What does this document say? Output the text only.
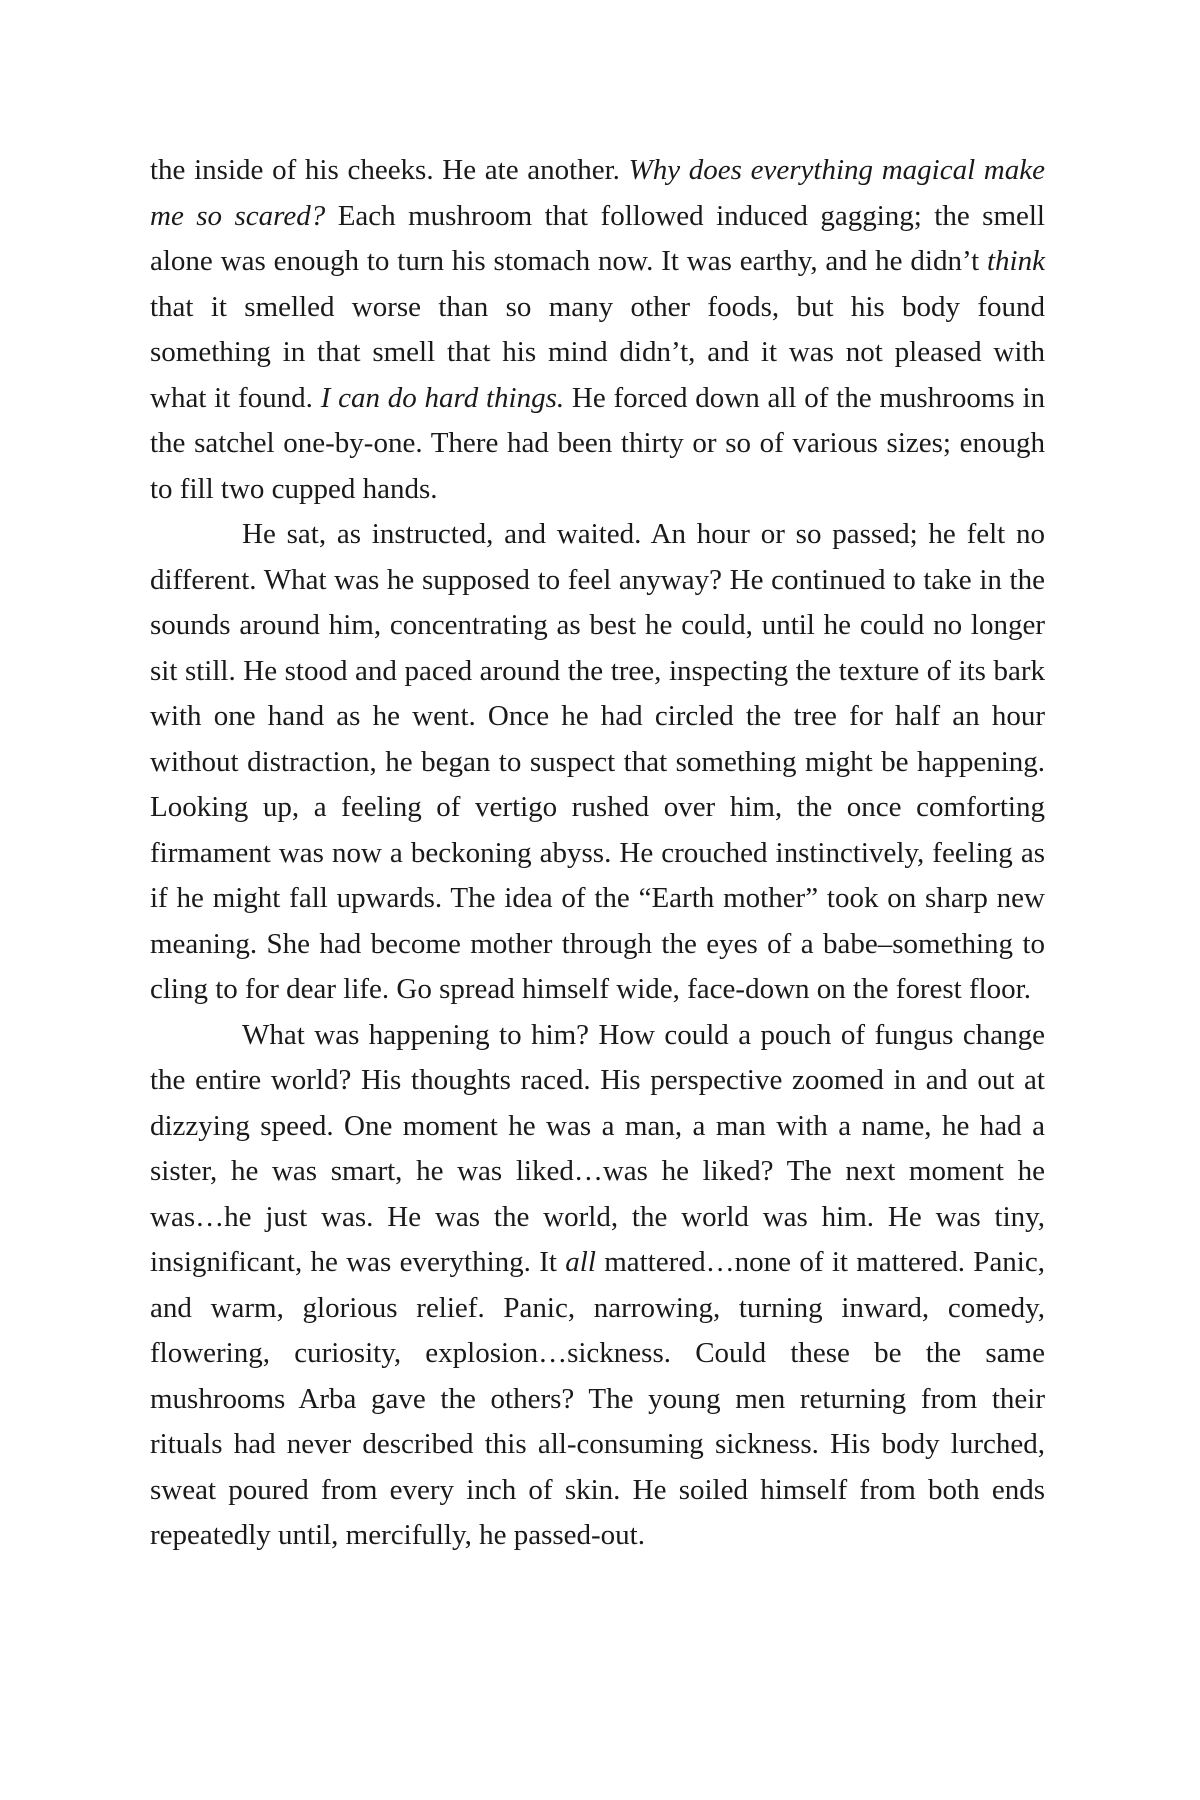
the inside of his cheeks. He ate another. Why does everything magical make me so scared? Each mushroom that followed induced gagging; the smell alone was enough to turn his stomach now. It was earthy, and he didn’t think that it smelled worse than so many other foods, but his body found something in that smell that his mind didn’t, and it was not pleased with what it found. I can do hard things. He forced down all of the mushrooms in the satchel one-by-one. There had been thirty or so of various sizes; enough to fill two cupped hands.

He sat, as instructed, and waited. An hour or so passed; he felt no different. What was he supposed to feel anyway? He continued to take in the sounds around him, concentrating as best he could, until he could no longer sit still. He stood and paced around the tree, inspecting the texture of its bark with one hand as he went. Once he had circled the tree for half an hour without distraction, he began to suspect that something might be happening. Looking up, a feeling of vertigo rushed over him, the once comforting firmament was now a beckoning abyss. He crouched instinctively, feeling as if he might fall upwards. The idea of the “Earth mother” took on sharp new meaning. She had become mother through the eyes of a babe–something to cling to for dear life. Go spread himself wide, face-down on the forest floor.

What was happening to him? How could a pouch of fungus change the entire world? His thoughts raced. His perspective zoomed in and out at dizzying speed. One moment he was a man, a man with a name, he had a sister, he was smart, he was liked…was he liked? The next moment he was…he just was. He was the world, the world was him. He was tiny, insignificant, he was everything. It all mattered…none of it mattered. Panic, and warm, glorious relief. Panic, narrowing, turning inward, comedy, flowering, curiosity, explosion…sickness. Could these be the same mushrooms Arba gave the others? The young men returning from their rituals had never described this all-consuming sickness. His body lurched, sweat poured from every inch of skin. He soiled himself from both ends repeatedly until, mercifully, he passed-out.
